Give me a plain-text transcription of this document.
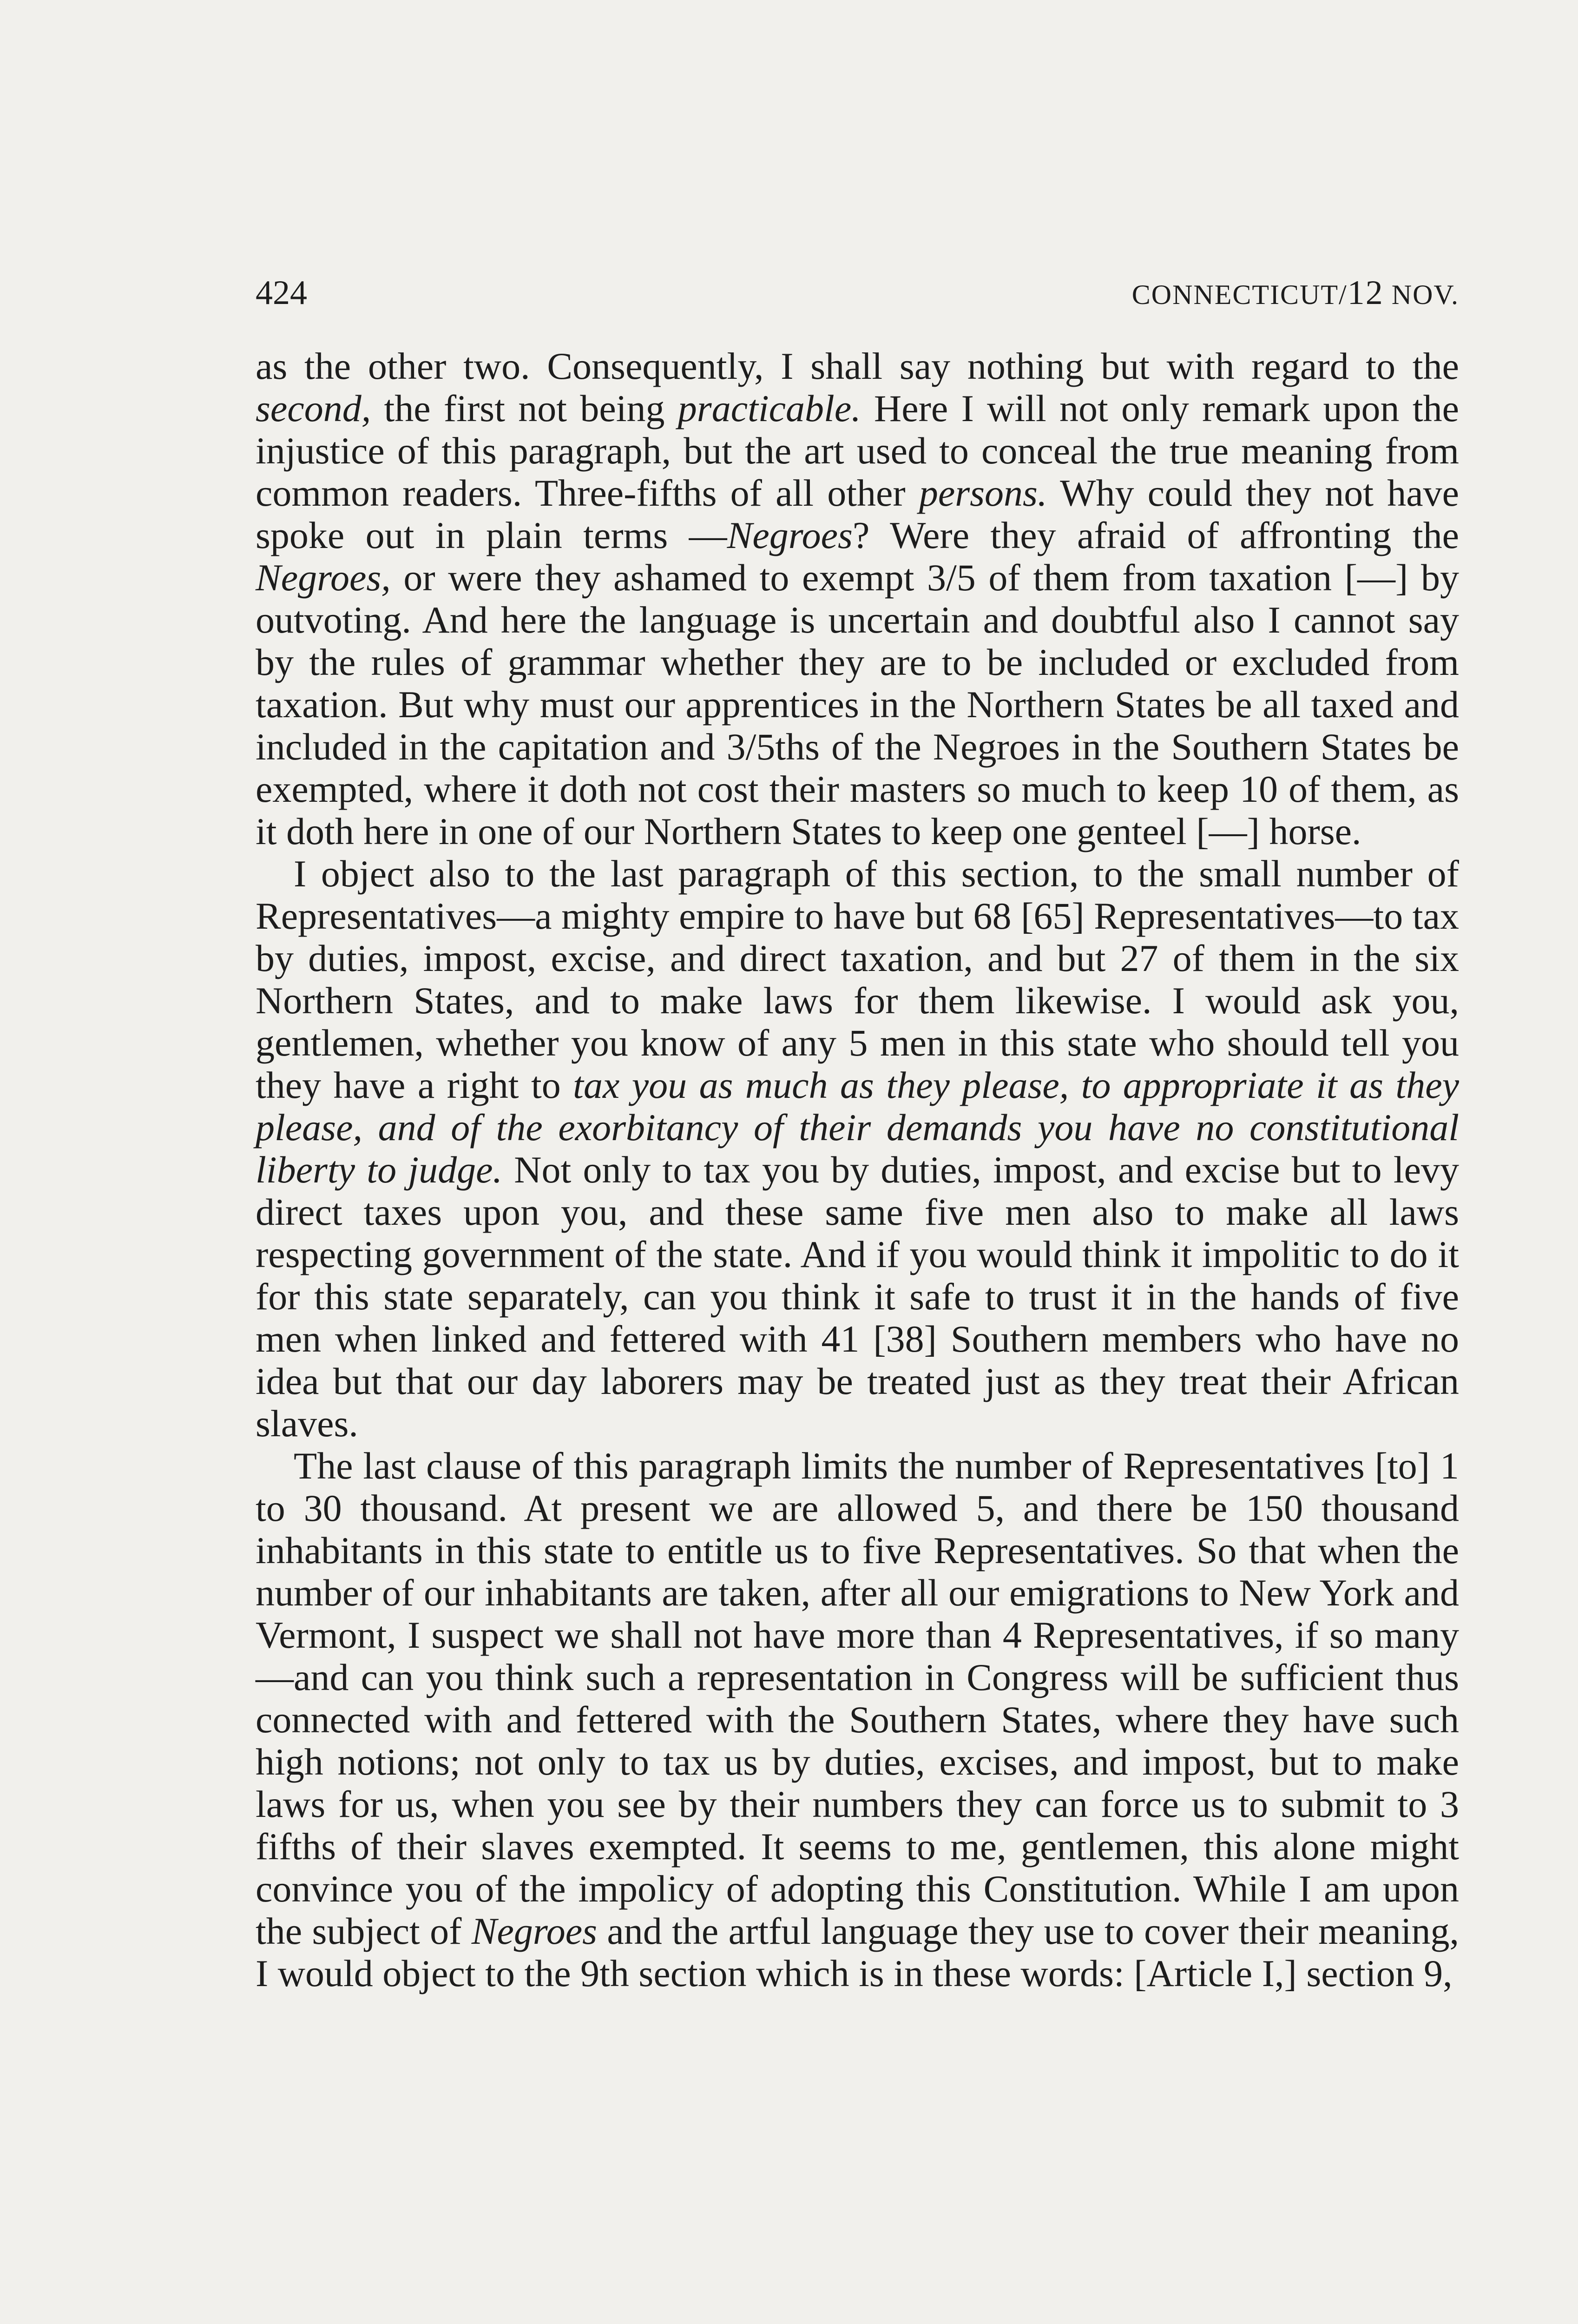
424	CONNECTICUT/12 NOV.

as the other two. Consequently, I shall say nothing but with regard to the second, the first not being practicable. Here I will not only remark upon the injustice of this paragraph, but the art used to conceal the true meaning from common readers. Three-fifths of all other persons. Why could they not have spoke out in plain terms —Negroes? Were they afraid of affronting the Negroes, or were they ashamed to exempt 3/5 of them from taxation [—] by outvoting. And here the language is uncertain and doubtful also I cannot say by the rules of grammar whether they are to be included or excluded from taxation. But why must our apprentices in the Northern States be all taxed and included in the capitation and 3/5ths of the Negroes in the Southern States be exempted, where it doth not cost their masters so much to keep 10 of them, as it doth here in one of our Northern States to keep one genteel [—] horse.

I object also to the last paragraph of this section, to the small number of Representatives—a mighty empire to have but 68 [65] Representatives—to tax by duties, impost, excise, and direct taxation, and but 27 of them in the six Northern States, and to make laws for them likewise. I would ask you, gentlemen, whether you know of any 5 men in this state who should tell you they have a right to tax you as much as they please, to appropriate it as they please, and of the exorbitancy of their demands you have no constitutional liberty to judge. Not only to tax you by duties, impost, and excise but to levy direct taxes upon you, and these same five men also to make all laws respecting government of the state. And if you would think it impolitic to do it for this state separately, can you think it safe to trust it in the hands of five men when linked and fettered with 41 [38] Southern members who have no idea but that our day laborers may be treated just as they treat their African slaves.

The last clause of this paragraph limits the number of Representatives [to] 1 to 30 thousand. At present we are allowed 5, and there be 150 thousand inhabitants in this state to entitle us to five Representatives. So that when the number of our inhabitants are taken, after all our emigrations to New York and Vermont, I suspect we shall not have more than 4 Representatives, if so many—and can you think such a representation in Congress will be sufficient thus connected with and fettered with the Southern States, where they have such high notions; not only to tax us by duties, excises, and impost, but to make laws for us, when you see by their numbers they can force us to submit to 3 fifths of their slaves exempted. It seems to me, gentlemen, this alone might convince you of the impolicy of adopting this Constitution. While I am upon the subject of Negroes and the artful language they use to cover their meaning, I would object to the 9th section which is in these words: [Article I,] section 9,
